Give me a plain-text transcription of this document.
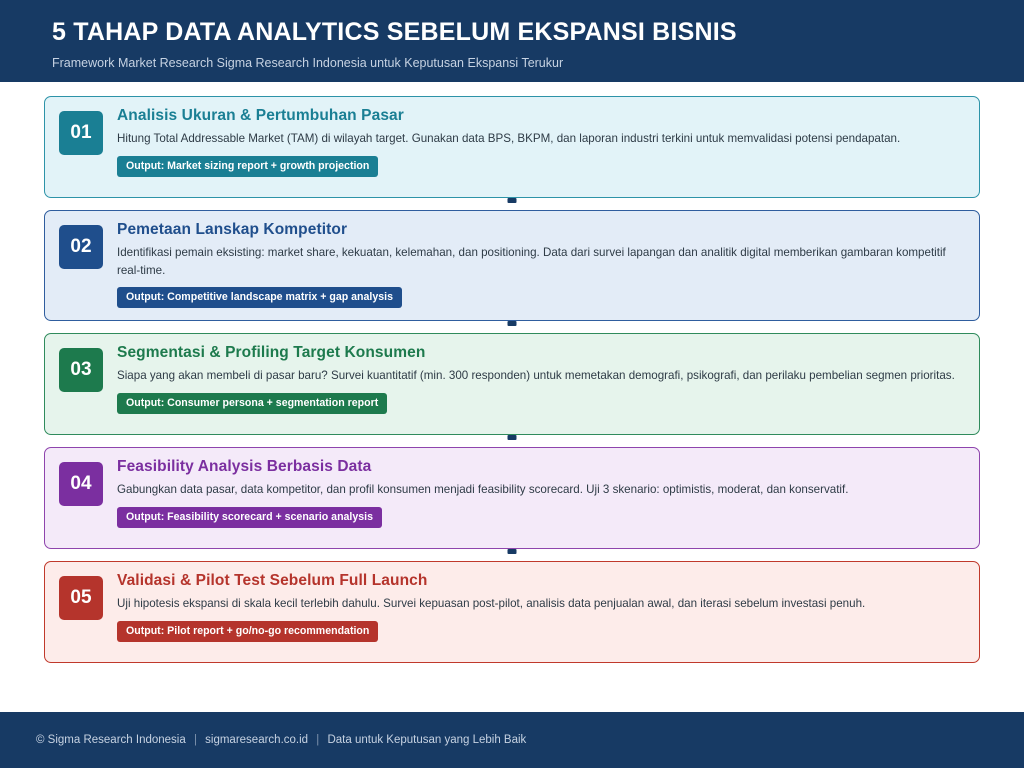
5 TAHAP DATA ANALYTICS SEBELUM EKSPANSI BISNIS
Framework Market Research Sigma Research Indonesia untuk Keputusan Ekspansi Terukur
01
Analisis Ukuran & Pertumbuhan Pasar
Hitung Total Addressable Market (TAM) di wilayah target. Gunakan data BPS, BKPM, dan laporan industri terkini untuk memvalidasi potensi pendapatan.
Output: Market sizing report + growth projection
02
Pemetaan Lanskap Kompetitor
Identifikasi pemain eksisting: market share, kekuatan, kelemahan, dan positioning. Data dari survei lapangan dan analitik digital memberikan gambaran kompetitif real-time.
Output: Competitive landscape matrix + gap analysis
03
Segmentasi & Profiling Target Konsumen
Siapa yang akan membeli di pasar baru? Survei kuantitatif (min. 300 responden) untuk memetakan demografi, psikografi, dan perilaku pembelian segmen prioritas.
Output: Consumer persona + segmentation report
04
Feasibility Analysis Berbasis Data
Gabungkan data pasar, data kompetitor, dan profil konsumen menjadi feasibility scorecard. Uji 3 skenario: optimistis, moderat, dan konservatif.
Output: Feasibility scorecard + scenario analysis
05
Validasi & Pilot Test Sebelum Full Launch
Uji hipotesis ekspansi di skala kecil terlebih dahulu. Survei kepuasan post-pilot, analisis data penjualan awal, dan iterasi sebelum investasi penuh.
Output: Pilot report + go/no-go recommendation
© Sigma Research Indonesia | sigmaresearch.co.id | Data untuk Keputusan yang Lebih Baik
